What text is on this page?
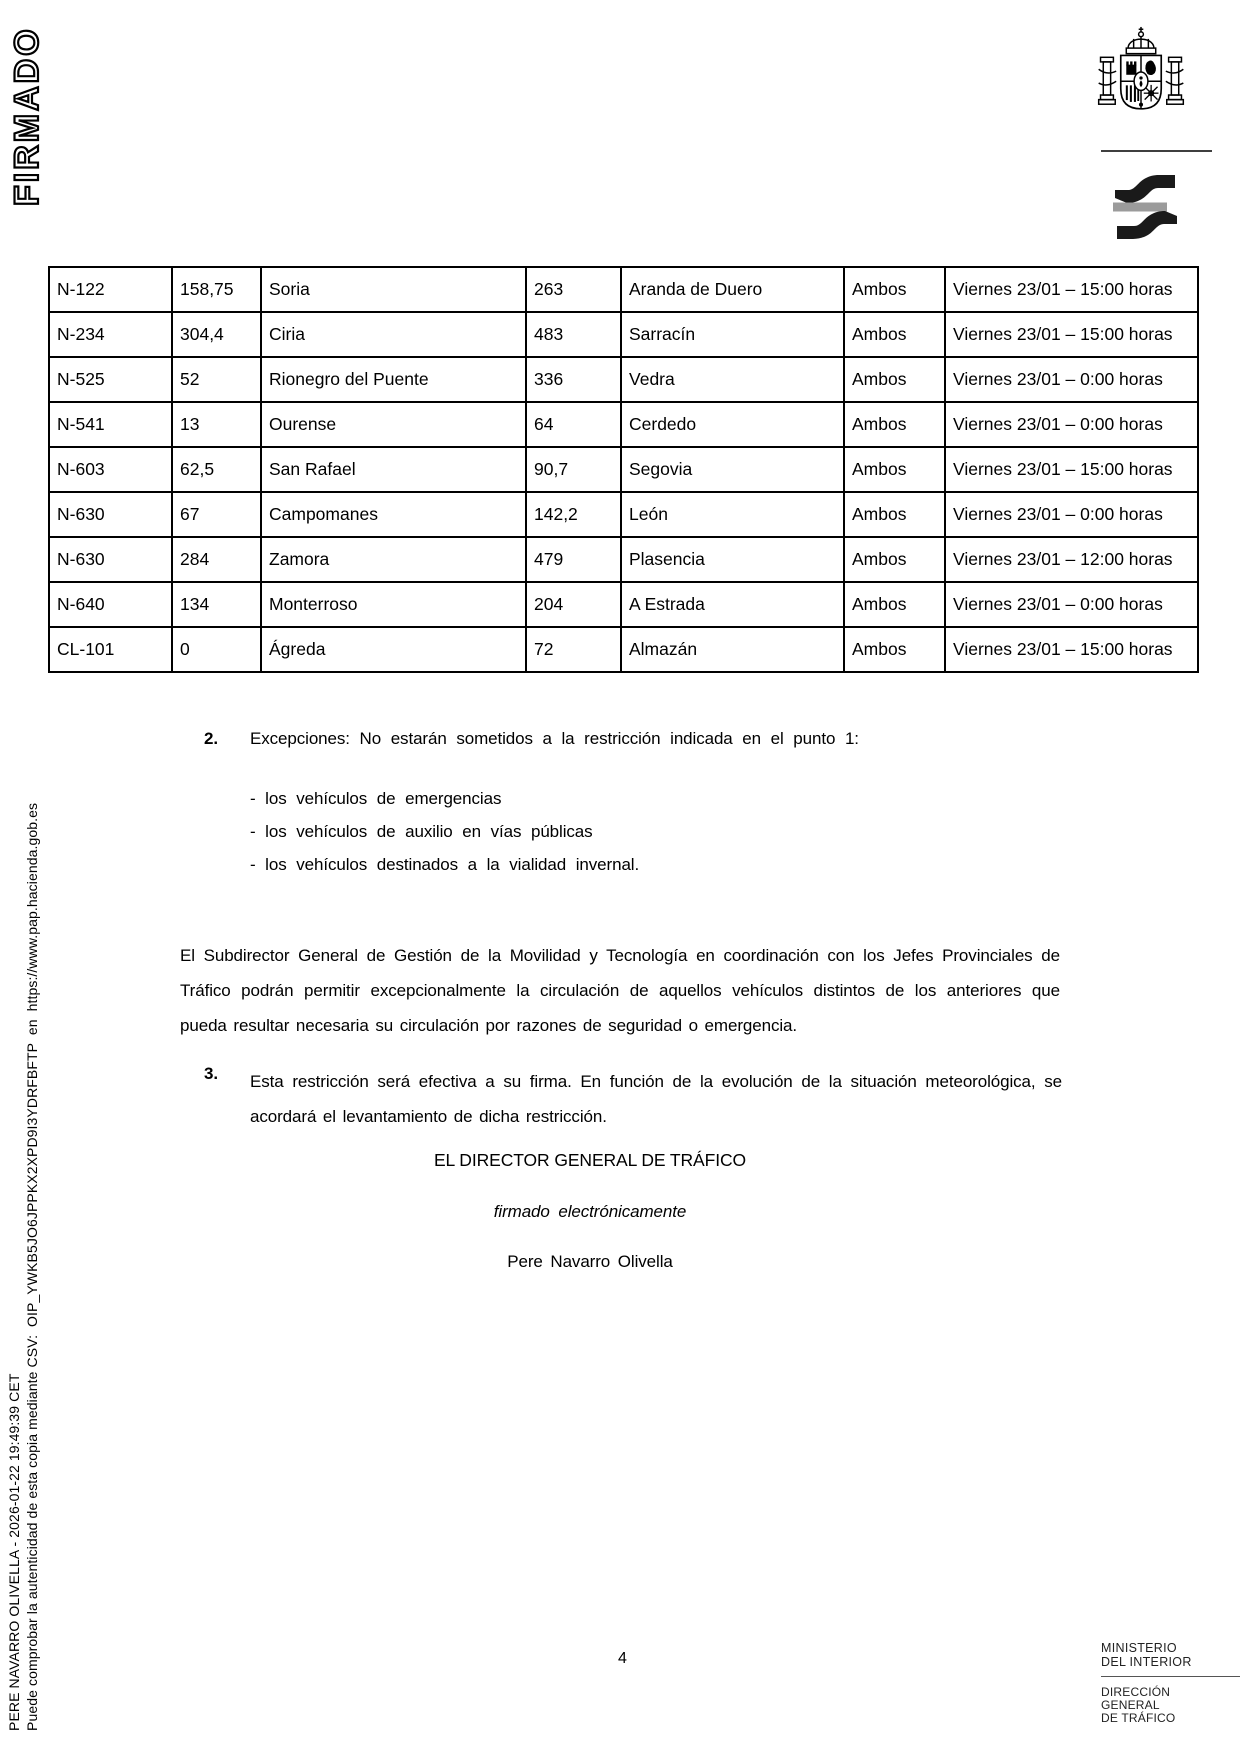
FIRMADO
PERE NAVARRO OLIVELLA - 2026-01-22 19:49:39 CET Puede comprobar la autenticidad de esta copia mediante CSV:  OIP_YWKB5JO6JPPKX2XPD9I3YDRFBFTP  en  https://www.pap.hacienda.gob.es
N-122	158,75	Soria	263	Aranda de Duero	Ambos	Viernes 23/01 – 15:00 horas
N-234	304,4	Ciria	483	Sarracín	Ambos	Viernes 23/01 – 15:00 horas
N-525	52	Rionegro del Puente	336	Vedra	Ambos	Viernes 23/01 – 0:00 horas
N-541	13	Ourense	64	Cerdedo	Ambos	Viernes 23/01 – 0:00 horas
N-603	62,5	San Rafael	90,7	Segovia	Ambos	Viernes 23/01 – 15:00 horas
N-630	67	Campomanes	142,2	León	Ambos	Viernes 23/01 – 0:00 horas
N-630	284	Zamora	479	Plasencia	Ambos	Viernes 23/01 – 12:00 horas
N-640	134	Monterroso	204	A Estrada	Ambos	Viernes 23/01 – 0:00 horas
CL-101	0	Ágreda	72	Almazán	Ambos	Viernes 23/01 – 15:00 horas
2.	Excepciones: No estarán sometidos a la restricción indicada en el punto 1:
- los vehículos de emergencias
- los vehículos de auxilio en vías públicas
- los vehículos destinados a la vialidad invernal.
El Subdirector General de Gestión de la Movilidad y Tecnología en coordinación con los Jefes Provinciales de Tráfico podrán permitir excepcionalmente la circulación de aquellos vehículos distintos de los anteriores que pueda resultar necesaria su circulación por razones de seguridad o emergencia.
3.	Esta restricción será efectiva a su firma. En función de la evolución de la situación meteorológica, se acordará el levantamiento de dicha restricción.
EL DIRECTOR GENERAL DE TRÁFICO
firmado electrónicamente
Pere Navarro Olivella
4
MINISTERIO
DEL INTERIOR
DIRECCIÓN
GENERAL
DE TRÁFICO
